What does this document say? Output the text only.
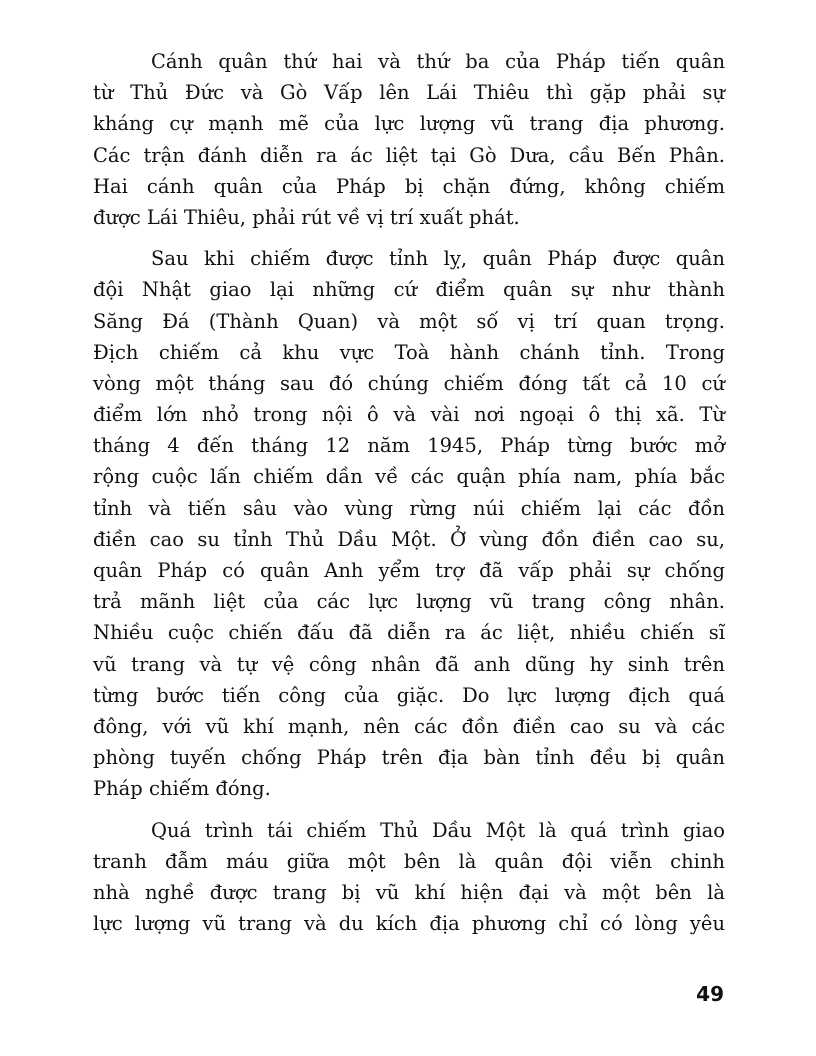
Cánh quân thứ hai và thứ ba của Pháp tiến quân
từ Thủ Đức và Gò Vấp lên Lái Thiêu thì gặp phải sự
kháng cự mạnh mẽ của lực lượng vũ trang địa phương.
Các trận đánh diễn ra ác liệt tại Gò Dưa, cầu Bến Phân.
Hai cánh quân của Pháp bị chặn đứng, không chiếm
được Lái Thiêu, phải rút về vị trí xuất phát.
Sau khi chiếm được tỉnh lỵ, quân Pháp được quân
đội Nhật giao lại những cứ điểm quân sự như thành
Săng Đá (Thành Quan) và một số vị trí quan trọng.
Địch chiếm cả khu vực Toà hành chánh tỉnh. Trong
vòng một tháng sau đó chúng chiếm đóng tất cả 10 cứ
điểm lớn nhỏ trong nội ô và vài nơi ngoại ô thị xã. Từ
tháng 4 đến tháng 12 năm 1945, Pháp từng bước mở
rộng cuộc lấn chiếm dần về các quận phía nam, phía bắc
tỉnh và tiến sâu vào vùng rừng núi chiếm lại các đồn
điền cao su tỉnh Thủ Dầu Một. Ở vùng đồn điền cao su,
quân Pháp có quân Anh yểm trợ đã vấp phải sự chống
trả mãnh liệt của các lực lượng vũ trang công nhân.
Nhiều cuộc chiến đấu đã diễn ra ác liệt, nhiều chiến sĩ
vũ trang và tự vệ công nhân đã anh dũng hy sinh trên
từng bước tiến công của giặc. Do lực lượng địch quá
đông, với vũ khí mạnh, nên các đồn điền cao su và các
phòng tuyến chống Pháp trên địa bàn tỉnh đều bị quân
Pháp chiếm đóng.
Quá trình tái chiếm Thủ Dầu Một là quá trình giao
tranh đẫm máu giữa một bên là quân đội viễn chinh
nhà nghề được trang bị vũ khí hiện đại và một bên là
lực lượng vũ trang và du kích địa phương chỉ có lòng yêu
49
